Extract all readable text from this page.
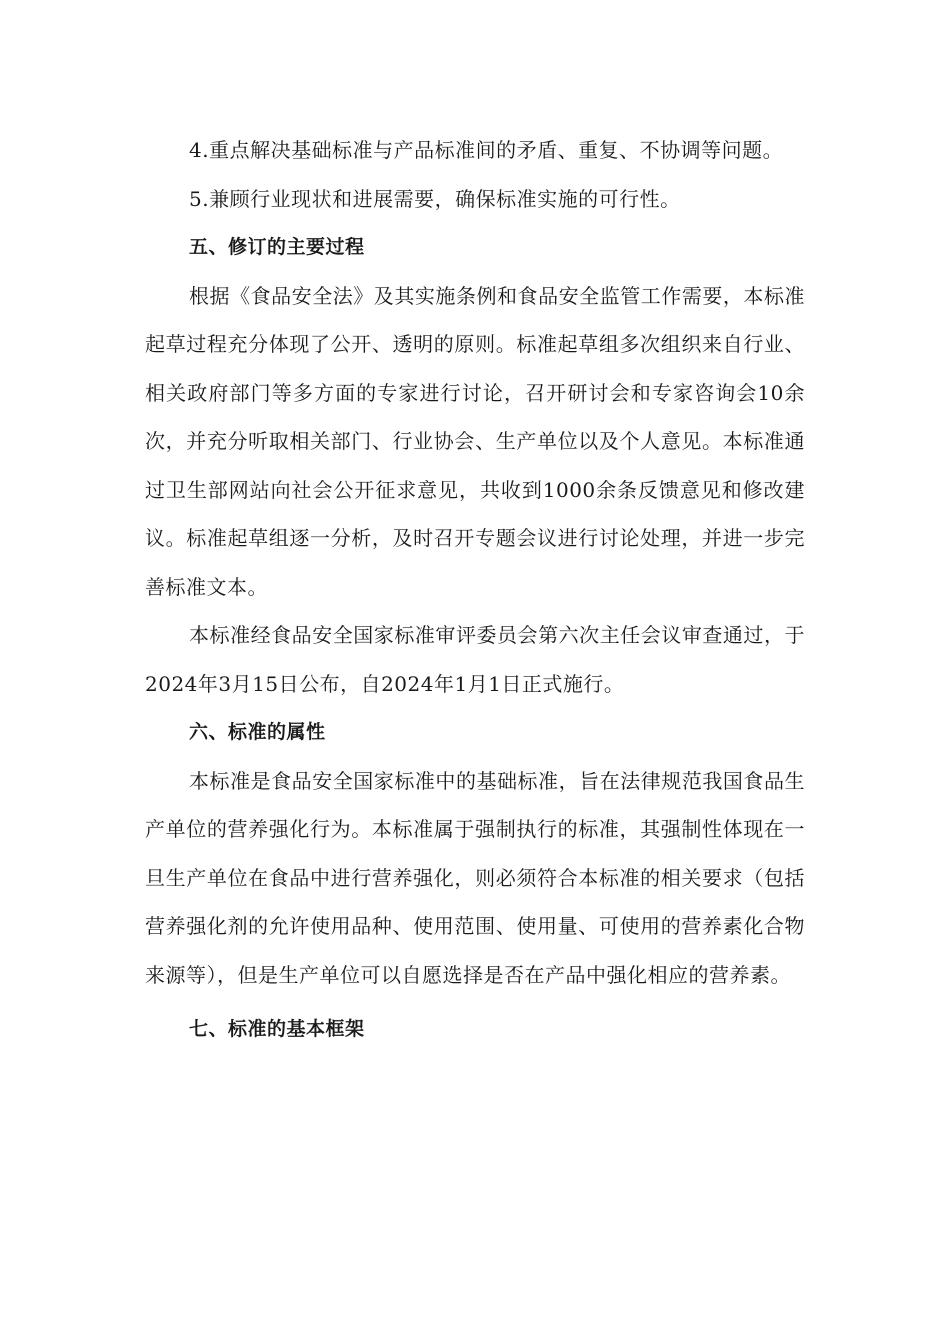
4.重点解决基础标准与产品标准间的矛盾、重复、不协调等问题。

5.兼顾行业现状和进展需要，确保标准实施的可行性。

五、修订的主要过程

根据《食品安全法》及其实施条例和食品安全监管工作需要，本标准起草过程充分体现了公开、透明的原则。标准起草组多次组织来自行业、相关政府部门等多方面的专家进行讨论，召开研讨会和专家咨询会10余次，并充分听取相关部门、行业协会、生产单位以及个人意见。本标准通过卫生部网站向社会公开征求意见，共收到1000余条反馈意见和修改建议。标准起草组逐一分析，及时召开专题会议进行讨论处理，并进一步完善标准文本。

本标准经食品安全国家标准审评委员会第六次主任会议审查通过，于2024年3月15日公布，自2024年1月1日正式施行。

六、标准的属性

本标准是食品安全国家标准中的基础标准，旨在法律规范我国食品生产单位的营养强化行为。本标准属于强制执行的标准，其强制性体现在一旦生产单位在食品中进行营养强化，则必须符合本标准的相关要求（包括营养强化剂的允许使用品种、使用范围、使用量、可使用的营养素化合物来源等），但是生产单位可以自愿选择是否在产品中强化相应的营养素。

七、标准的基本框架
